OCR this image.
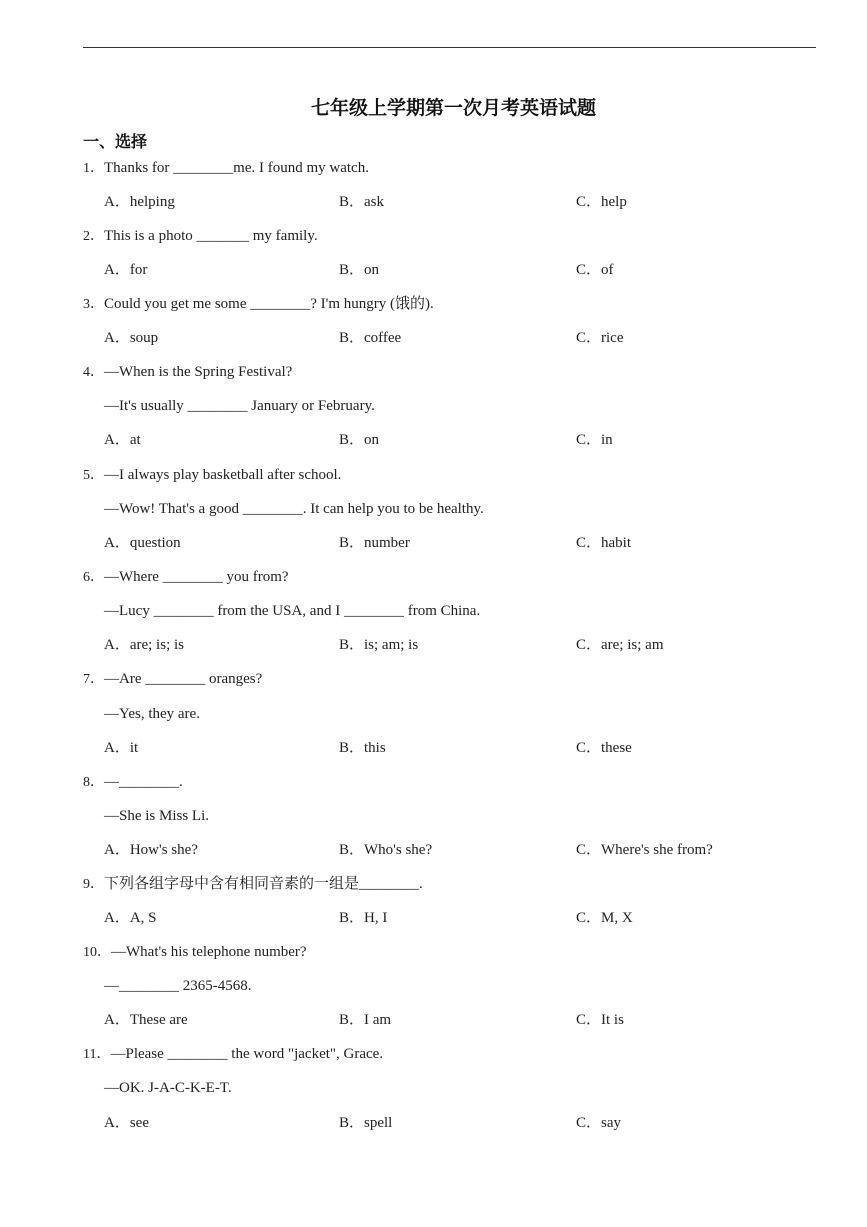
七年级上学期第一次月考英语试题
一、选择
1．Thanks for ________me. I found my watch.
A．helping	B．ask	C．help
2．This is a photo _______ my family.
A．for	B．on	C．of
3．Could you get me some ________? I'm hungry (饿的).
A．soup	B．coffee	C．rice
4．—When is the Spring Festival?
—It's usually ________ January or February.
A．at	B．on	C．in
5．—I always play basketball after school.
—Wow! That's a good ________. It can help you to be healthy.
A．question	B．number	C．habit
6．—Where ________ you from?
—Lucy ________ from the USA, and I ________ from China.
A．are; is; is	B．is; am; is	C．are; is; am
7．—Are ________ oranges?
—Yes, they are.
A．it	B．this	C．these
8．—________.
—She is Miss Li.
A．How's she?	B．Who's she?	C．Where's she from?
9．下列各组字母中含有相同音素的一组是________.
A．A, S	B．H, I	C．M, X
10．—What's his telephone number?
—________ 2365-4568.
A．These are	B．I am	C．It is
11．—Please ________ the word "jacket", Grace.
—OK. J-A-C-K-E-T.
A．see	B．spell	C．say
